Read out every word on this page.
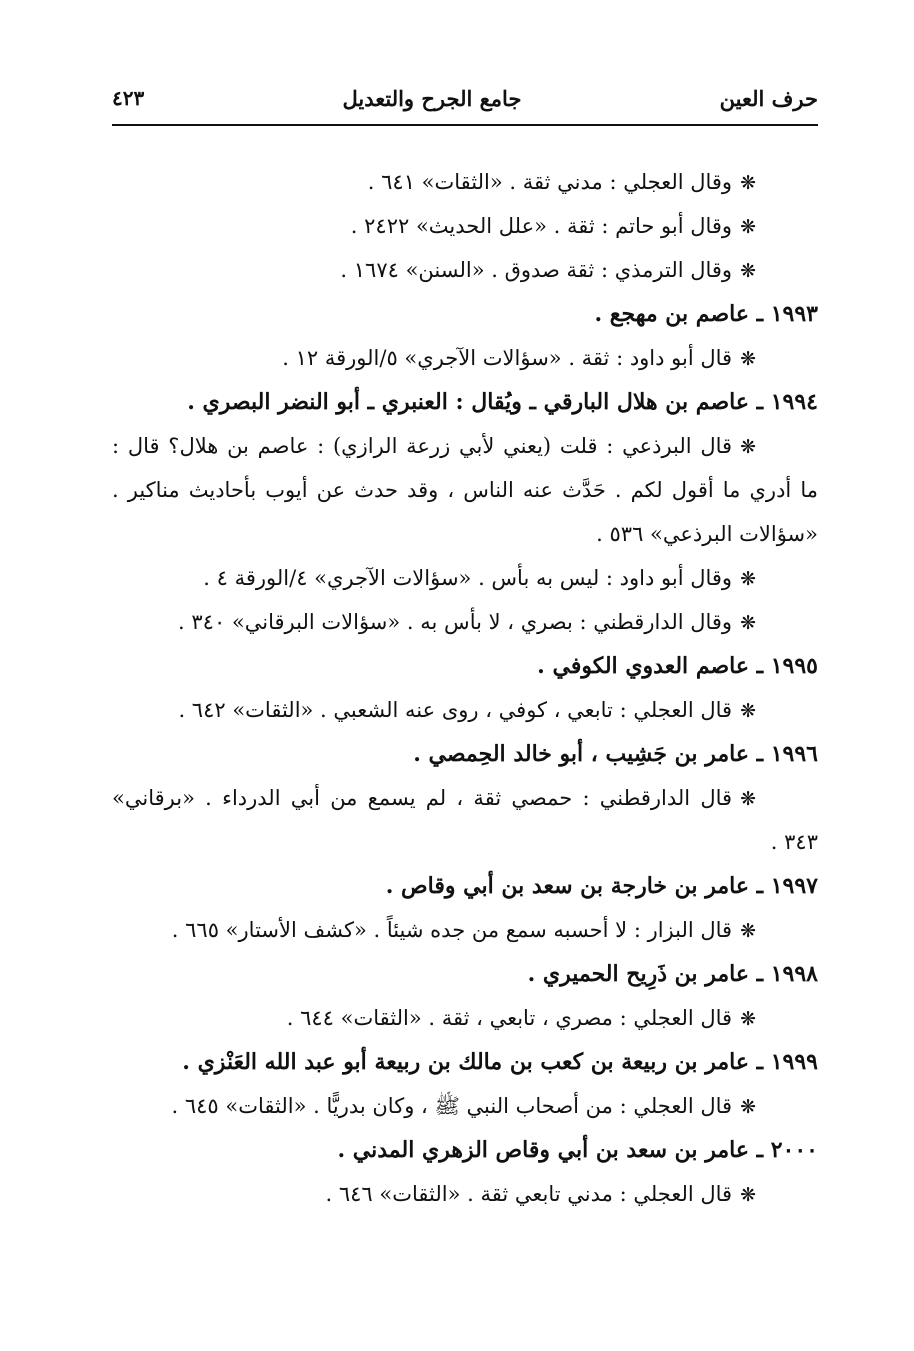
حرف العين
جامع الجرح والتعديل
٤٢٣
❋وقال العجلي : مدني ثقة . «الثقات» ٦٤١ .
❋وقال أبو حاتم : ثقة . «علل الحديث» ٢٤٢٢ .
❋وقال الترمذي : ثقة صدوق . «السنن» ١٦٧٤ .
١٩٩٣ ـ عاصم بن مهجع .
❋قال أبو داود : ثقة . «سؤالات الآجري» ٥/الورقة ١٢ .
١٩٩٤ ـ عاصم بن هلال البارقي ـ ويُقال : العنبري ـ أبو النضر البصري .
❋قال البرذعي : قلت (يعني لأبي زرعة الرازي) : عاصم بن هلال؟ قال :
ما أدري ما أقول لكم . حَدَّث عنه الناس ، وقد حدث عن أيوب بأحاديث مناكير .
«سؤالات البرذعي» ٥٣٦ .
❋وقال أبو داود : ليس به بأس . «سؤالات الآجري» ٤/الورقة ٤ .
❋وقال الدارقطني : بصري ، لا بأس به . «سؤالات البرقاني» ٣٤٠ .
١٩٩٥ ـ عاصم العدوي الكوفي .
❋قال العجلي : تابعي ، كوفي ، روى عنه الشعبي . «الثقات» ٦٤٢ .
١٩٩٦ ـ عامر بن جَشِيب ، أبو خالد الحِمصي .
❋قال الدارقطني : حمصي ثقة ، لم يسمع من أبي الدرداء . «برقاني»
٣٤٣ .
١٩٩٧ ـ عامر بن خارجة بن سعد بن أبي وقاص .
❋قال البزار : لا أحسبه سمع من جده شيئاً . «كشف الأستار» ٦٦٥ .
١٩٩٨ ـ عامر بن ذَرِيح الحميري .
❋قال العجلي : مصري ، تابعي ، ثقة . «الثقات» ٦٤٤ .
١٩٩٩ ـ عامر بن ربيعة بن كعب بن مالك بن ربيعة أبو عبد الله العَنْزي .
❋قال العجلي : من أصحاب النبي ﷺ ، وكان بدريًّا . «الثقات» ٦٤٥ .
٢٠٠٠ ـ عامر بن سعد بن أبي وقاص الزهري المدني .
❋قال العجلي : مدني تابعي ثقة . «الثقات» ٦٤٦ .
